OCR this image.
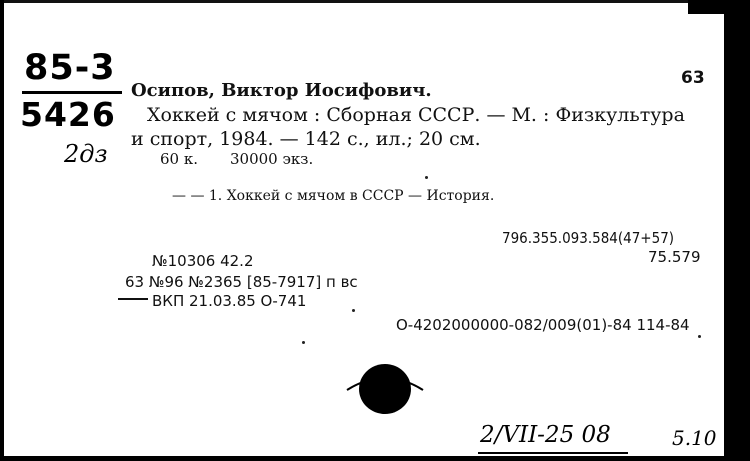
85-3
5426
2дз
63
Осипов, Виктор Иосифович.
Хоккей с мячом : Сборная СССР. — М. : Физкультура
и спорт, 1984. — 142 с., ил.; 20 см.
60 к. 30000 экз.
— — 1. Хоккей с мячом в СССР — История.
796.355.093.584(47+57)
75.579
№10306 42.2
63 №96 №2365 [85-7917] п вс
ВКП 21.03.85 О-741
О-4202000000-082/009(01)-84 114-84
2/VII-25 08	5.10
